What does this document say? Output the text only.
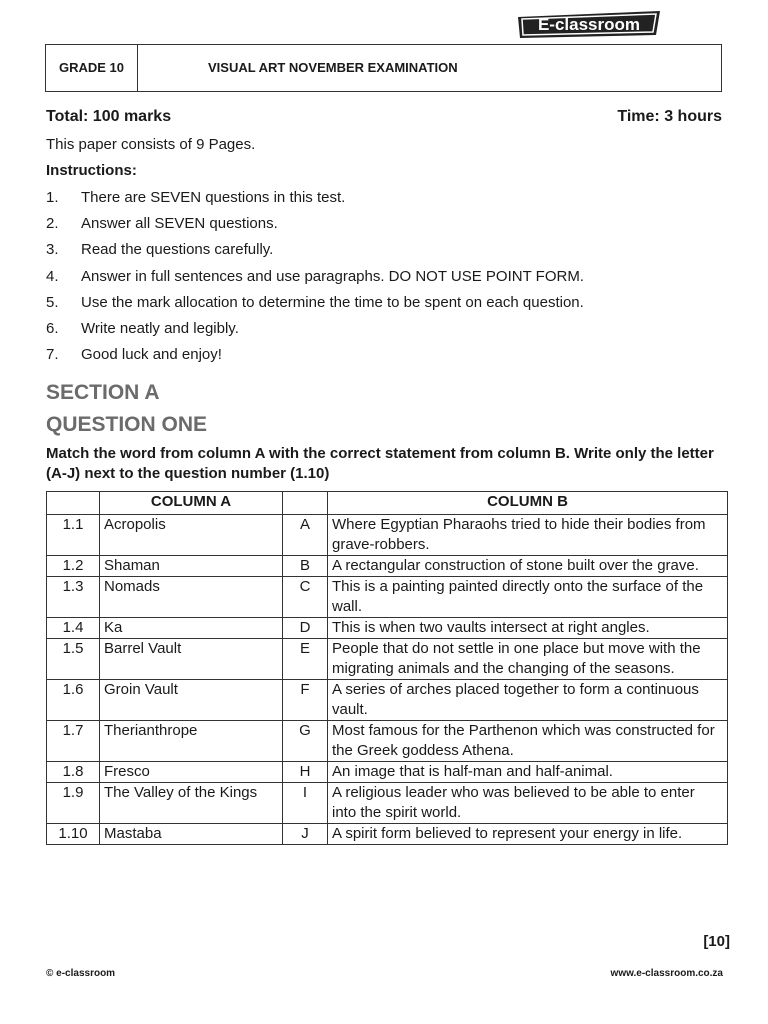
GRADE 10	VISUAL ART NOVEMBER EXAMINATION
E-classroom
Total: 100 marks	Time: 3 hours
This paper consists of 9 Pages.
Instructions:
1.	There are SEVEN questions in this test.
2.	Answer all SEVEN questions.
3.	Read the questions carefully.
4.	Answer in full sentences and use paragraphs. DO NOT USE POINT FORM.
5.	Use the mark allocation to determine the time to be spent on each question.
6.	Write neatly and legibly.
7.	Good luck and enjoy!
SECTION A
QUESTION ONE
Match the word from column A with the correct statement from column B. Write only the letter (A-J) next to the question number (1.10)
	COLUMN A		COLUMN B
1.1	Acropolis	A	Where Egyptian Pharaohs tried to hide their bodies from grave-robbers.
1.2	Shaman	B	A rectangular construction of stone built over the grave.
1.3	Nomads	C	This is a painting painted directly onto the surface of the wall.
1.4	Ka	D	This is when two vaults intersect at right angles.
1.5	Barrel Vault	E	People that do not settle in one place but move with the migrating animals and the changing of the seasons.
1.6	Groin Vault	F	A series of arches placed together to form a continuous vault.
1.7	Therianthrope	G	Most famous for the Parthenon which was constructed for the Greek goddess Athena.
1.8	Fresco	H	An image that is half-man and half-animal.
1.9	The Valley of the Kings	I	A religious leader who was believed to be able to enter into the spirit world.
1.10	Mastaba	J	A spirit form believed to represent your energy in life.
[10]
© e-classroom	www.e-classroom.co.za
